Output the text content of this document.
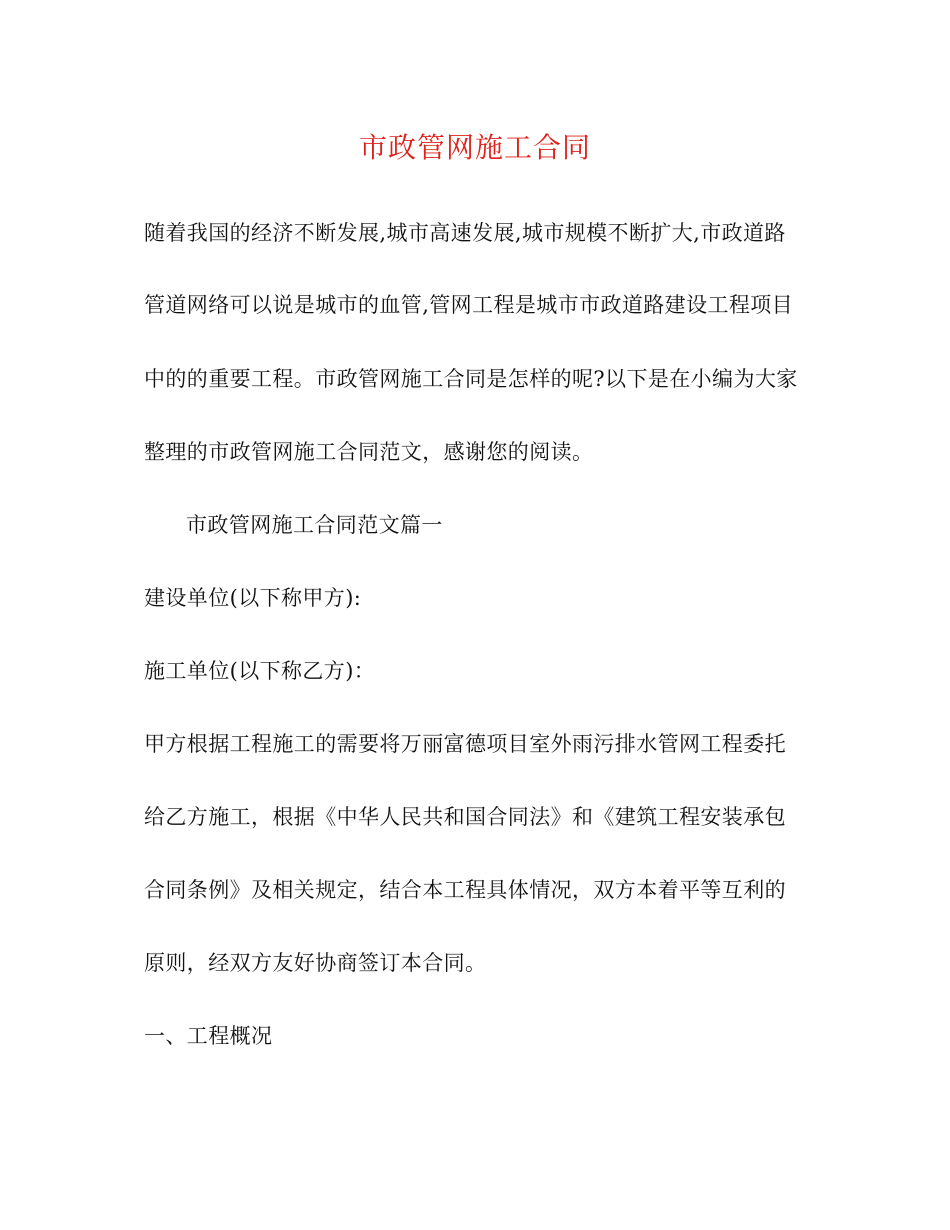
市政管网施工合同
随着我国的经济不断发展,城市高速发展,城市规模不断扩大,市政道路
管道网络可以说是城市的血管,管网工程是城市市政道路建设工程项目
中的的重要工程。市政管网施工合同是怎样的呢?以下是在小编为大家
整理的市政管网施工合同范文，感谢您的阅读。
市政管网施工合同范文篇一
建设单位(以下称甲方):
施工单位(以下称乙方)：
甲方根据工程施工的需要将万丽富德项目室外雨污排水管网工程委托
给乙方施工，根据《中华人民共和国合同法》和《建筑工程安装承包
合同条例》及相关规定，结合本工程具体情况，双方本着平等互利的
原则，经双方友好协商签订本合同。
一、工程概况
